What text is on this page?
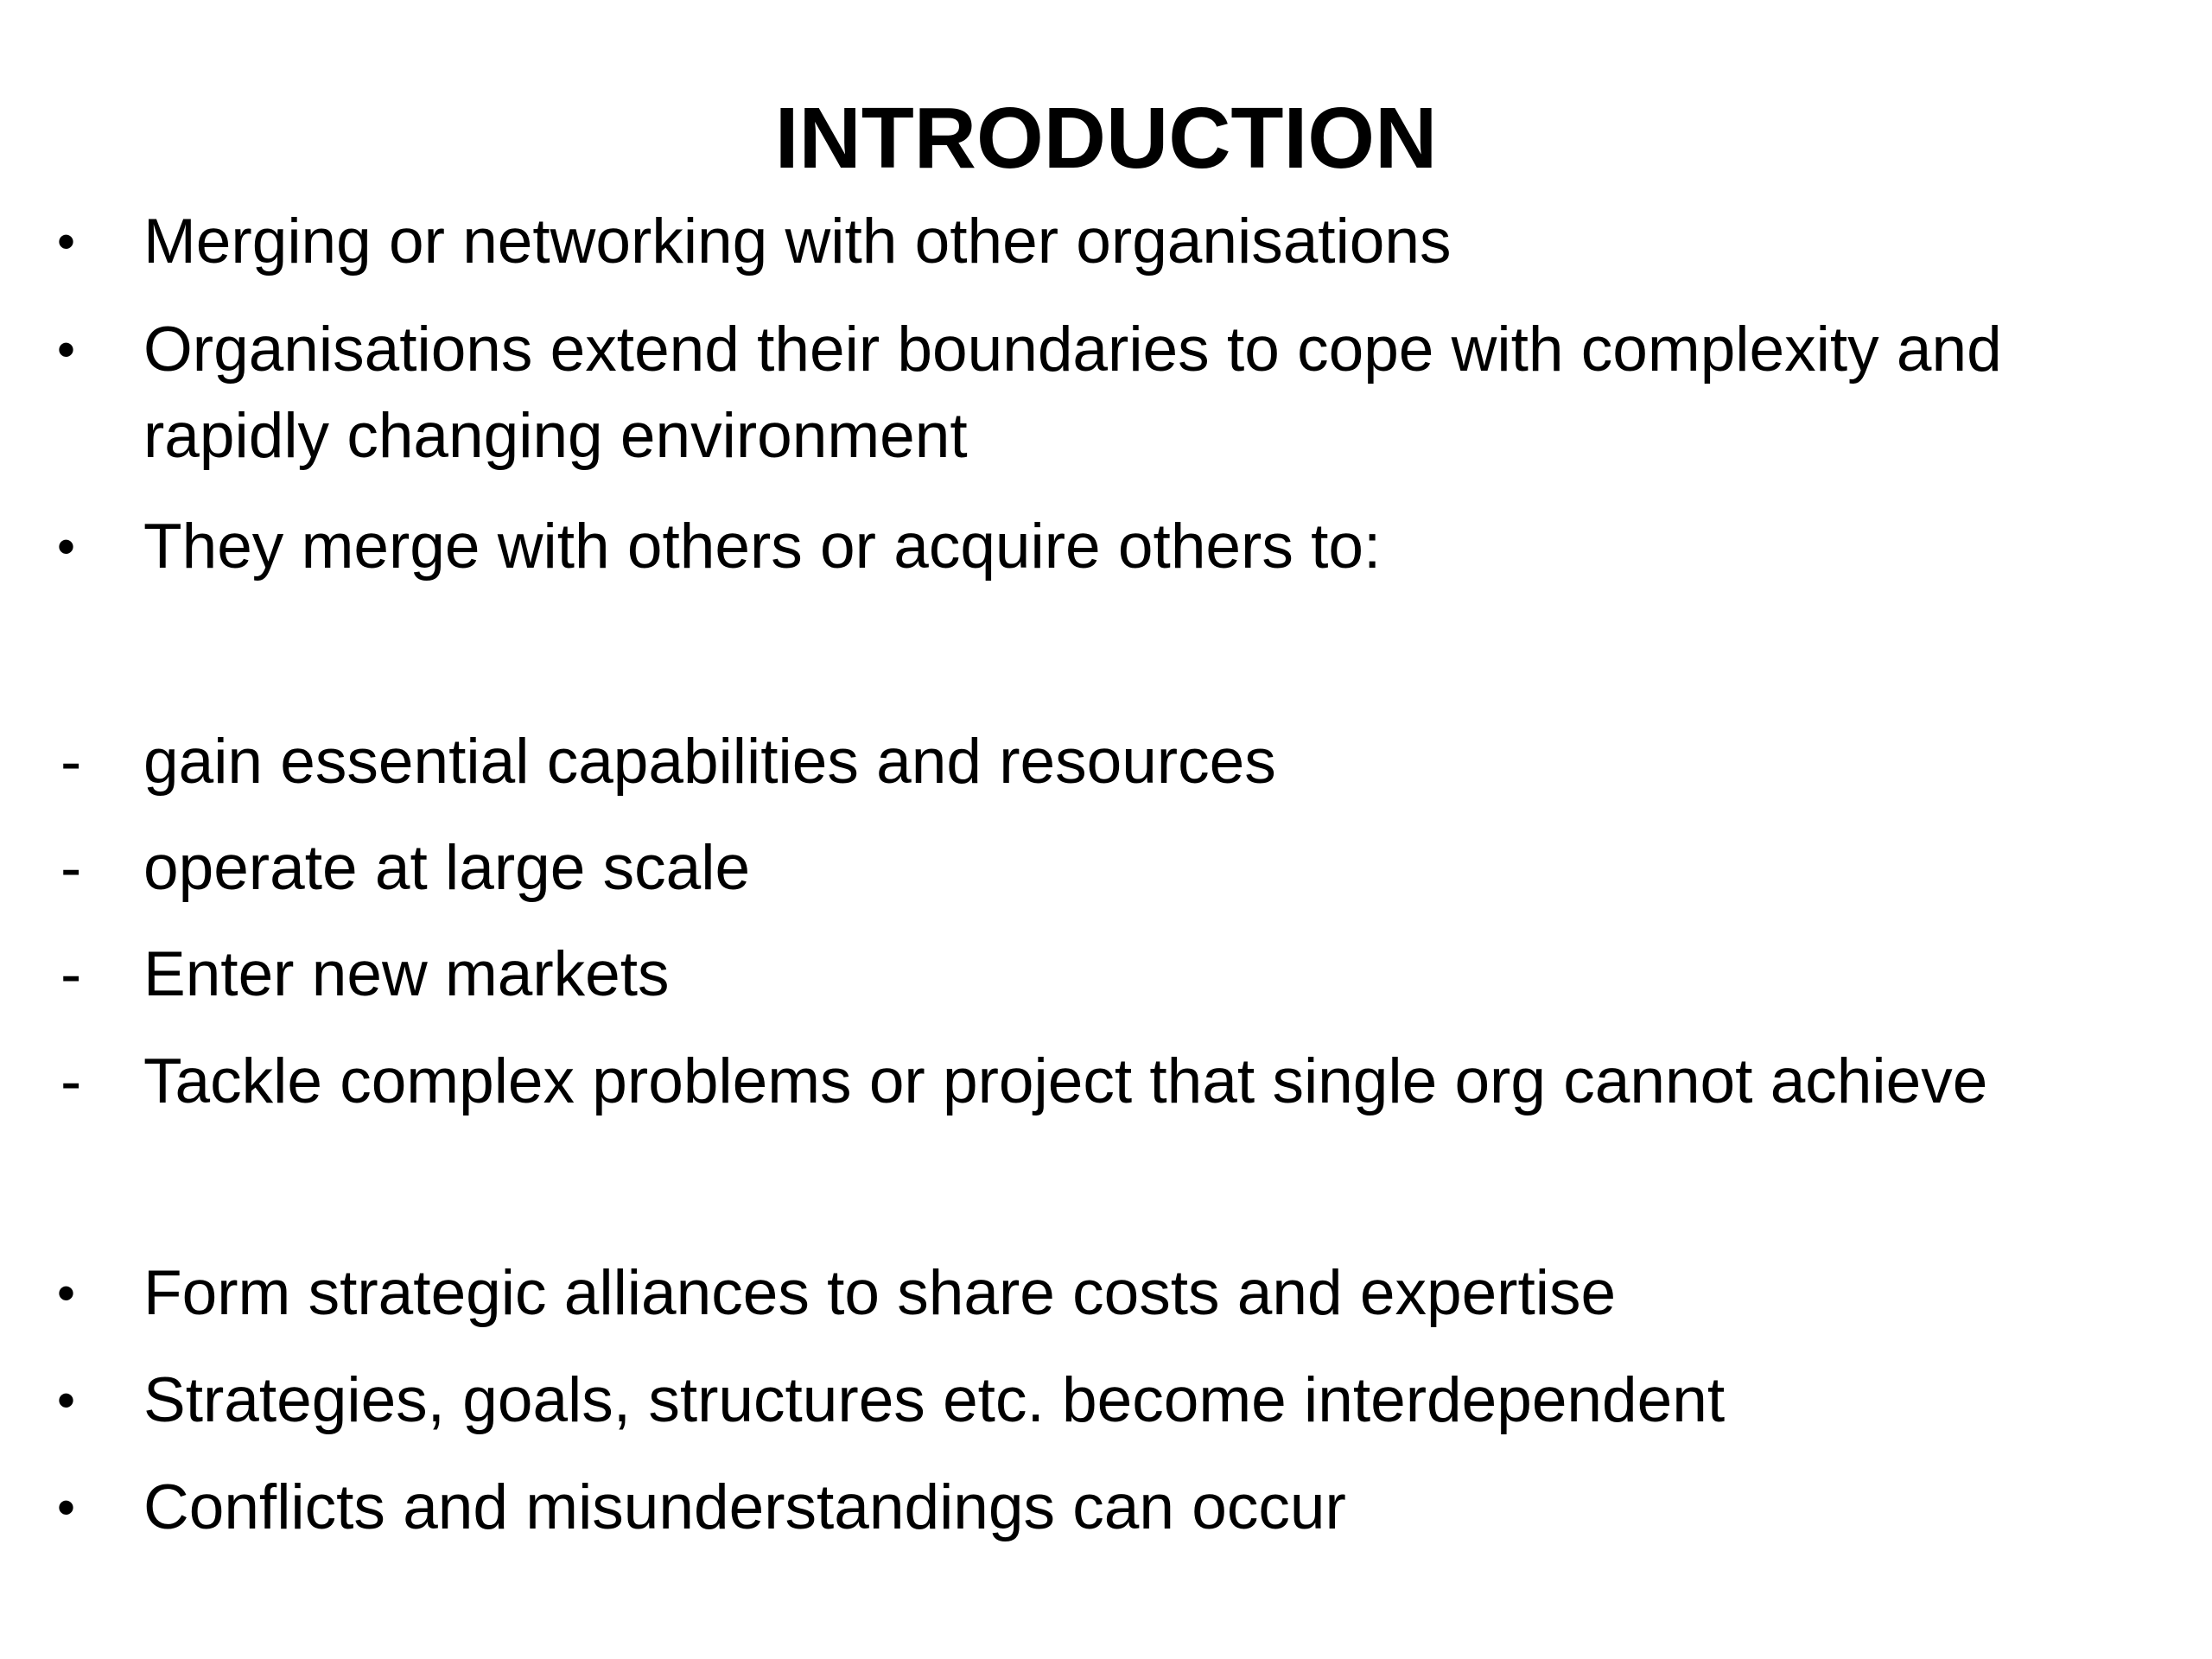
INTRODUCTION
• Merging or networking with other organisations
• Organisations extend their boundaries to cope with complexity and
rapidly changing environment
• They merge with others or acquire others to:
- gain essential capabilities and resources
- operate at large scale
- Enter new markets
- Tackle complex problems or project that single org cannot achieve
• Form strategic alliances to share costs and expertise
• Strategies, goals, structures etc. become interdependent
• Conflicts and misunderstandings can occur
